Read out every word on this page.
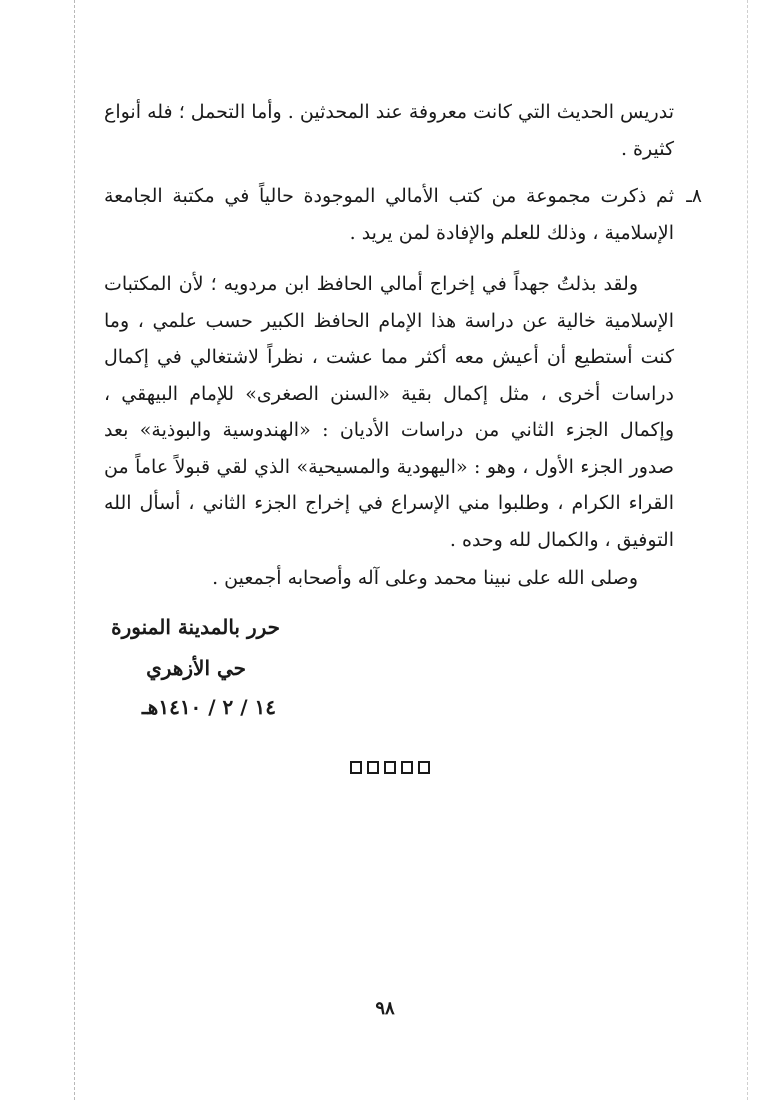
تدريس الحديث التي كانت معروفة عند المحدثين . وأما التحمل ؛ فله أنواع كثيرة .

٨ـ
ثم ذكرت مجموعة من كتب الأمالي الموجودة حالياً في مكتبة الجامعة الإسلامية ، وذلك للعلم والإفادة لمن يريد .

ولقد بذلتُ جهداً في إخراج أمالي الحافظ ابن مردويه ؛ لأن المكتبات الإسلامية خالية عن دراسة هذا الإمام الحافظ الكبير حسب علمي ، وما كنت أستطيع أن أعيش معه أكثر مما عشت ، نظراً لاشتغالي في إكمال دراسات أخرى ، مثل إكمال بقية «السنن الصغرى» للإمام البيهقي ، وإكمال الجزء الثاني من دراسات الأديان : «الهندوسية والبوذية» بعد صدور الجزء الأول ، وهو : «اليهودية والمسيحية» الذي لقي قبولاً عاماً من القراء الكرام ، وطلبوا مني الإسراع في إخراج الجزء الثاني ، أسأل الله التوفيق ، والكمال لله وحده .

وصلى الله على نبينا محمد وعلى آله وأصحابه أجمعين .

حرر بالمدينة المنورة
حي الأزهري
١٤ / ٢ / ١٤١٠هـ
٩٨
